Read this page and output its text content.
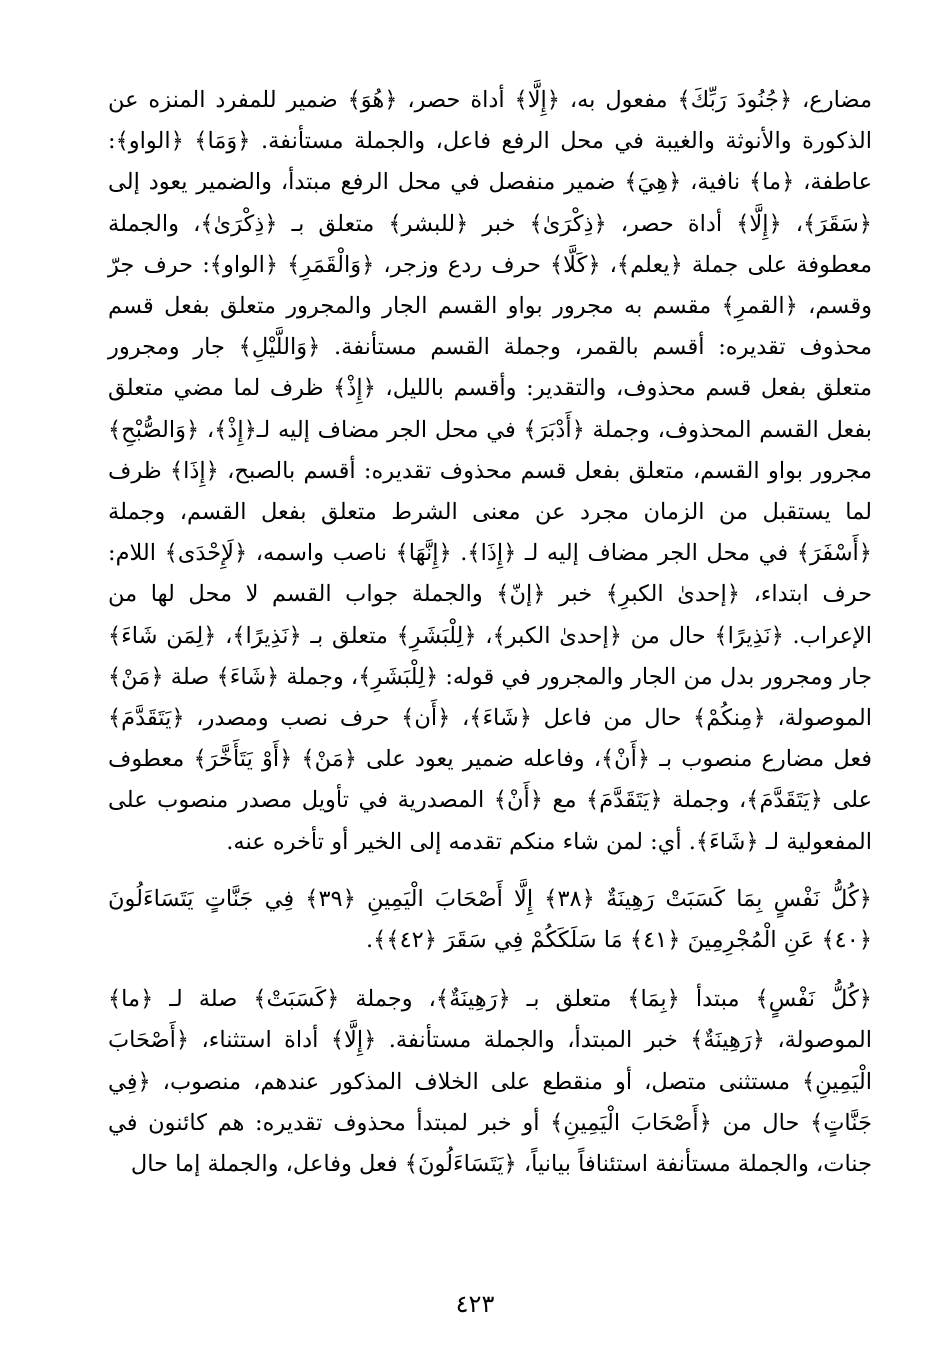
مضارع، ﴿جُنُودَ رَبِّكَ﴾ مفعول به، ﴿إِلَّا﴾ أداة حصر، ﴿هُوَ﴾ ضمير للمفرد المنزه عن الذكورة والأنوثة والغيبة في محل الرفع فاعل، والجملة مستأنفة. ﴿وَمَا﴾ ﴿الواو﴾: عاطفة، ﴿ما﴾ نافية، ﴿هِيَ﴾ ضمير منفصل في محل الرفع مبتدأ، والضمير يعود إلى ﴿سَقَرَ﴾، ﴿إِلَّا﴾ أداة حصر، ﴿ذِكْرَىٰ﴾ خبر ﴿للبشر﴾ متعلق بـ ﴿ذِكْرَىٰ﴾، والجملة معطوفة على جملة ﴿يعلم﴾، ﴿كَلَّا﴾ حرف ردع وزجر، ﴿وَالْقَمَرِ﴾ ﴿الواو﴾: حرف جرّ وقسم، ﴿القمرِ﴾ مقسم به مجرور بواو القسم الجار والمجرور متعلق بفعل قسم محذوف تقديره: أقسم بالقمر، وجملة القسم مستأنفة. ﴿وَاللَّيْلِ﴾ جار ومجرور متعلق بفعل قسم محذوف، والتقدير: وأقسم بالليل، ﴿إِذْ﴾ ظرف لما مضي متعلق بفعل القسم المحذوف، وجملة ﴿أَدْبَرَ﴾ في محل الجر مضاف إليه لـ﴿إِذْ﴾، ﴿وَالصُّبْحِ﴾ مجرور بواو القسم، متعلق بفعل قسم محذوف تقديره: أقسم بالصبح، ﴿إِذَا﴾ ظرف لما يستقبل من الزمان مجرد عن معنى الشرط متعلق بفعل القسم، وجملة ﴿أَسْفَرَ﴾ في محل الجر مضاف إليه لـ ﴿إِذَا﴾. ﴿إِنَّهَا﴾ ناصب واسمه، ﴿لَإِحْدَى﴾ اللام: حرف ابتداء، ﴿إحدىٰ الكبرِ﴾ خبر ﴿إنّ﴾ والجملة جواب القسم لا محل لها من الإعراب. ﴿نَذِيرًا﴾ حال من ﴿إحدىٰ الكبر﴾، ﴿لِلْبَشَرِ﴾ متعلق بـ ﴿نَذِيرًا﴾، ﴿لِمَن شَاءَ﴾ جار ومجرور بدل من الجار والمجرور في قوله: ﴿لِلْبَشَرِ﴾، وجملة ﴿شَاءَ﴾ صلة ﴿مَنْ﴾ الموصولة، ﴿مِنكُمْ﴾ حال من فاعل ﴿شَاءَ﴾، ﴿أَن﴾ حرف نصب ومصدر، ﴿يَتَقَدَّمَ﴾ فعل مضارع منصوب بـ ﴿أَنْ﴾، وفاعله ضمير يعود على ﴿مَنْ﴾ ﴿أَوْ يَتَأَخَّرَ﴾ معطوف على ﴿يَتَقَدَّمَ﴾، وجملة ﴿يَتَقَدَّمَ﴾ مع ﴿أَنْ﴾ المصدرية في تأويل مصدر منصوب على المفعولية لـ ﴿شَاءَ﴾. أي: لمن شاء منكم تقدمه إلى الخير أو تأخره عنه.

﴿كُلُّ نَفْسٍ بِمَا كَسَبَتْ رَهِينَةٌ ﴿٣٨﴾ إِلَّا أَصْحَابَ الْيَمِينِ ﴿٣٩﴾ فِي جَنَّاتٍ يَتَسَاءَلُونَ ﴿٤٠﴾ عَنِ الْمُجْرِمِينَ ﴿٤١﴾ مَا سَلَكَكُمْ فِي سَقَرَ ﴿٤٢﴾﴾.

﴿كُلُّ نَفْسٍ﴾ مبتدأ ﴿بِمَا﴾ متعلق بـ ﴿رَهِينَةٌ﴾، وجملة ﴿كَسَبَتْ﴾ صلة لـ ﴿ما﴾ الموصولة، ﴿رَهِينَةٌ﴾ خبر المبتدأ، والجملة مستأنفة. ﴿إِلَّا﴾ أداة استثناء، ﴿أَصْحَابَ الْيَمِينِ﴾ مستثنى متصل، أو منقطع على الخلاف المذكور عندهم، منصوب، ﴿فِي جَنَّاتٍ﴾ حال من ﴿أَصْحَابَ الْيَمِينِ﴾ أو خبر لمبتدأ محذوف تقديره: هم كائنون في جنات، والجملة مستأنفة استئنافاً بيانياً، ﴿يَتَسَاءَلُونَ﴾ فعل وفاعل، والجملة إما حال

٤٢٣
